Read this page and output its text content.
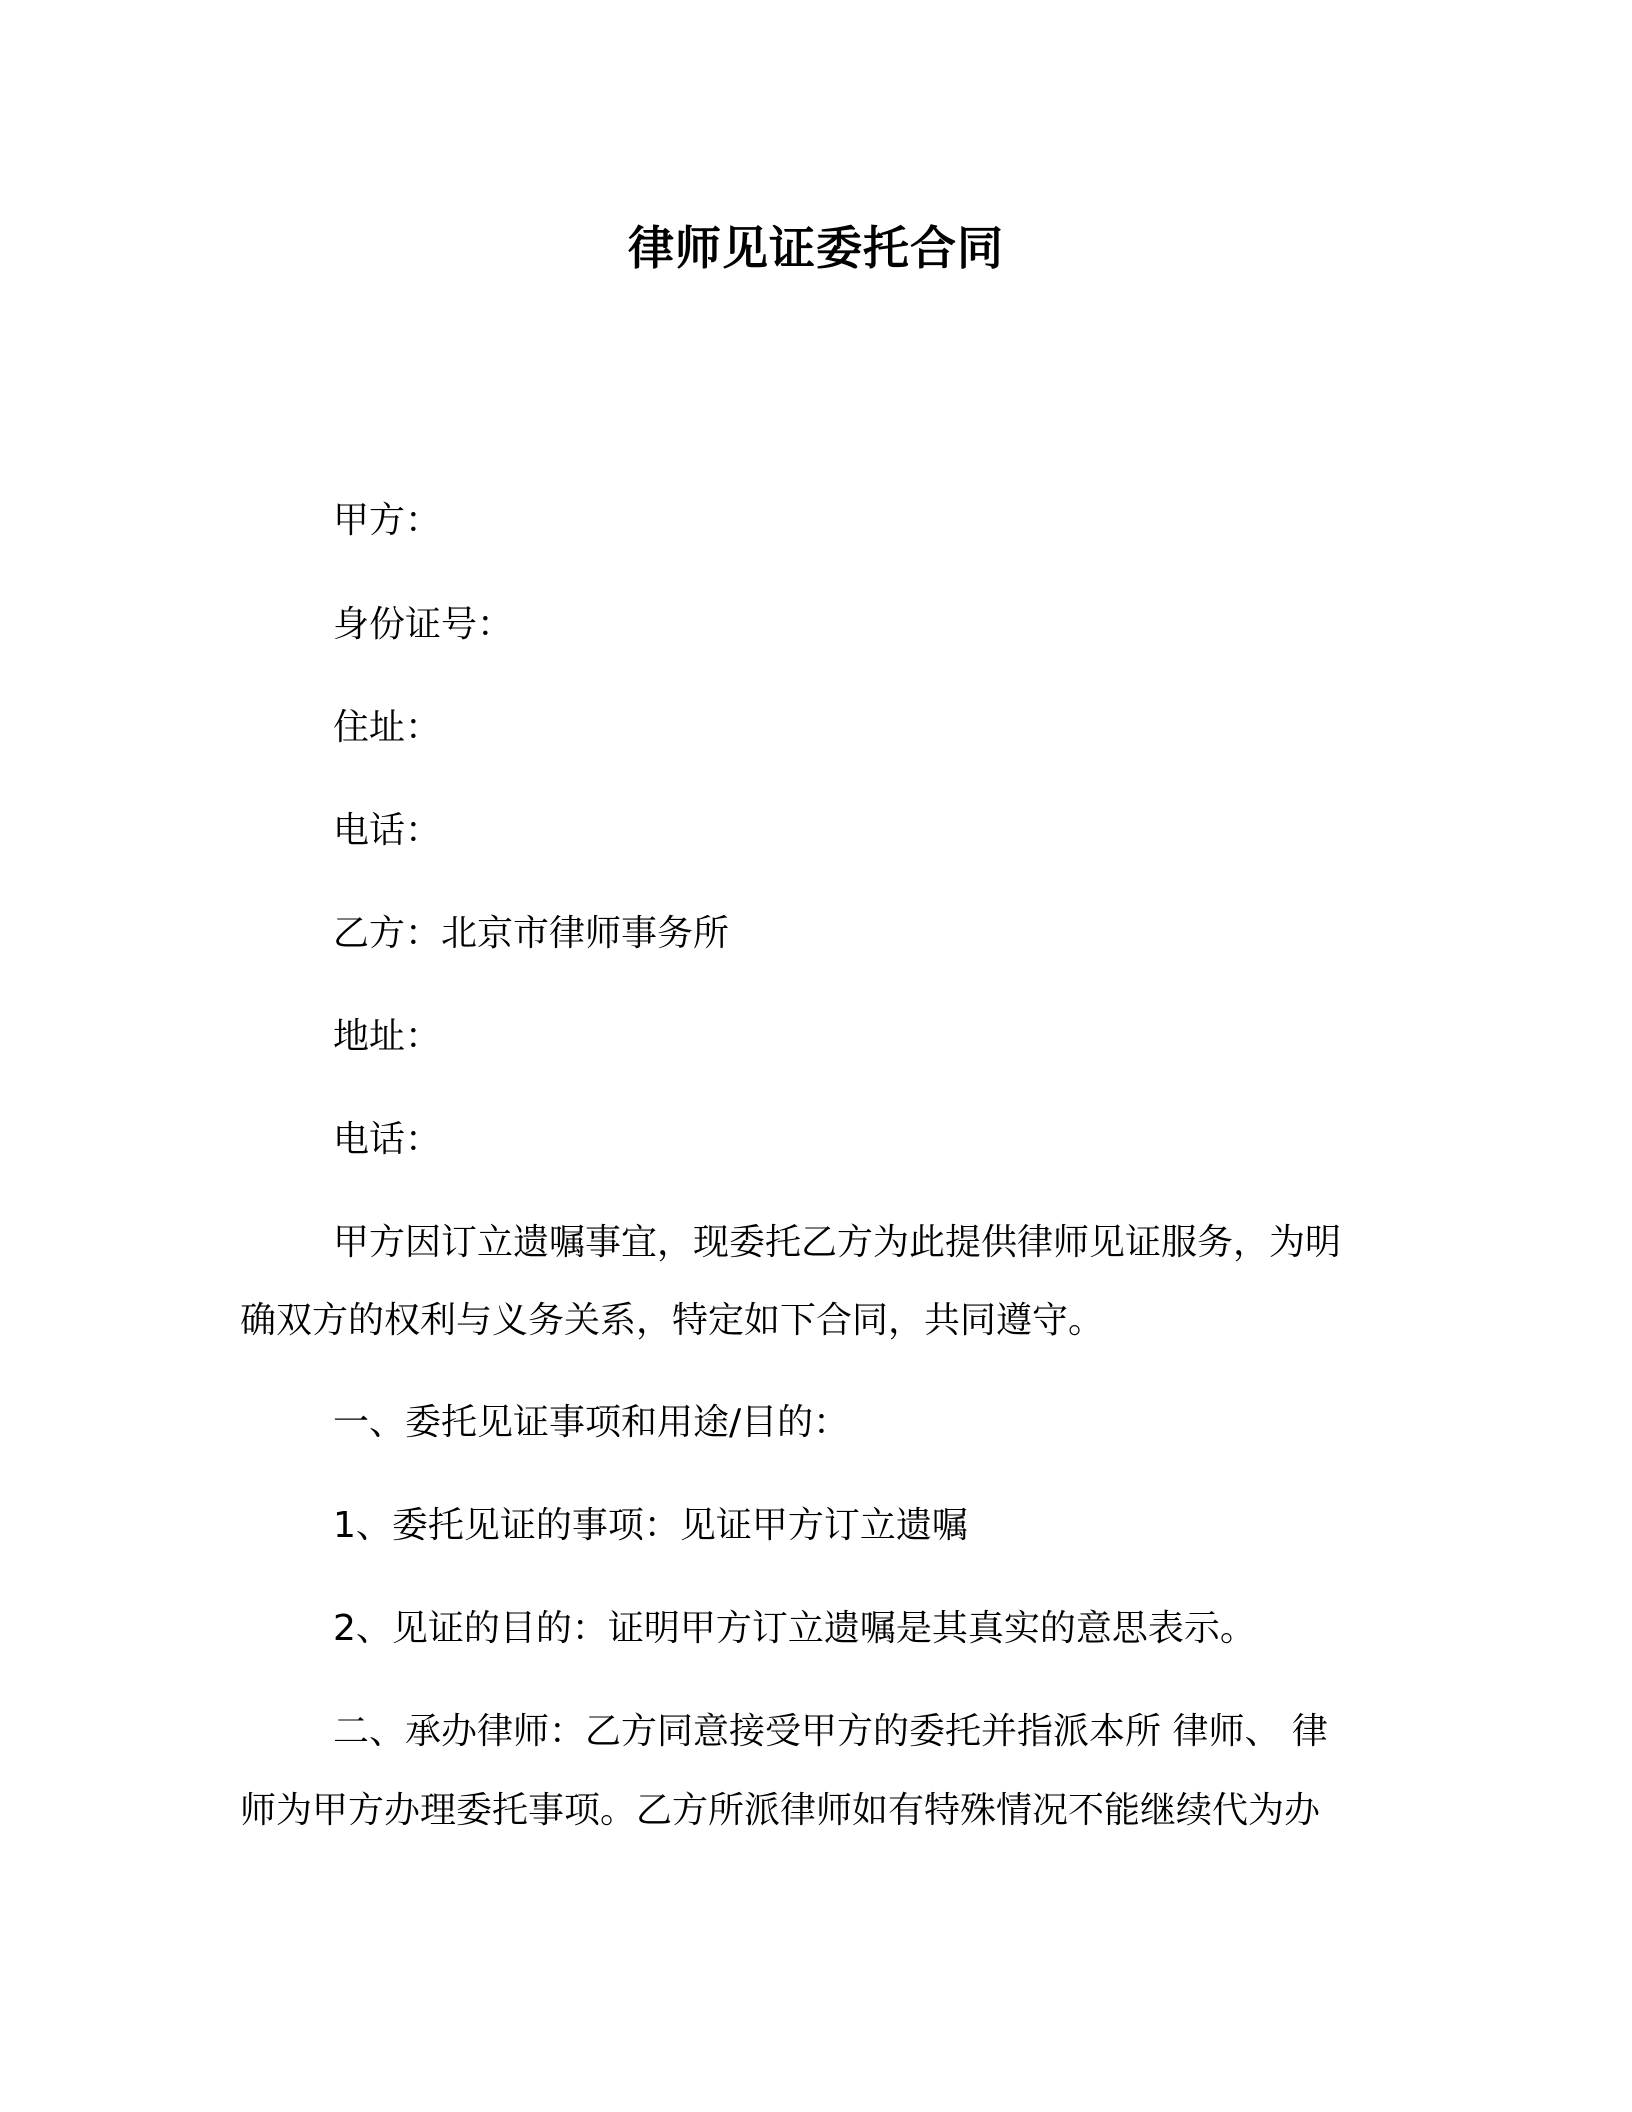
律师见证委托合同
甲方：
身份证号：
住址：
电话：
乙方：北京市律师事务所
地址：
电话：
甲方因订立遗嘱事宜，现委托乙方为此提供律师见证服务，为明
确双方的权利与义务关系，特定如下合同，共同遵守。
一、委托见证事项和用途/目的：
1、委托见证的事项：见证甲方订立遗嘱
2、见证的目的：证明甲方订立遗嘱是其真实的意思表示。
二、承办律师：乙方同意接受甲方的委托并指派本所 律师、 律
师为甲方办理委托事项。乙方所派律师如有特殊情况不能继续代为办
